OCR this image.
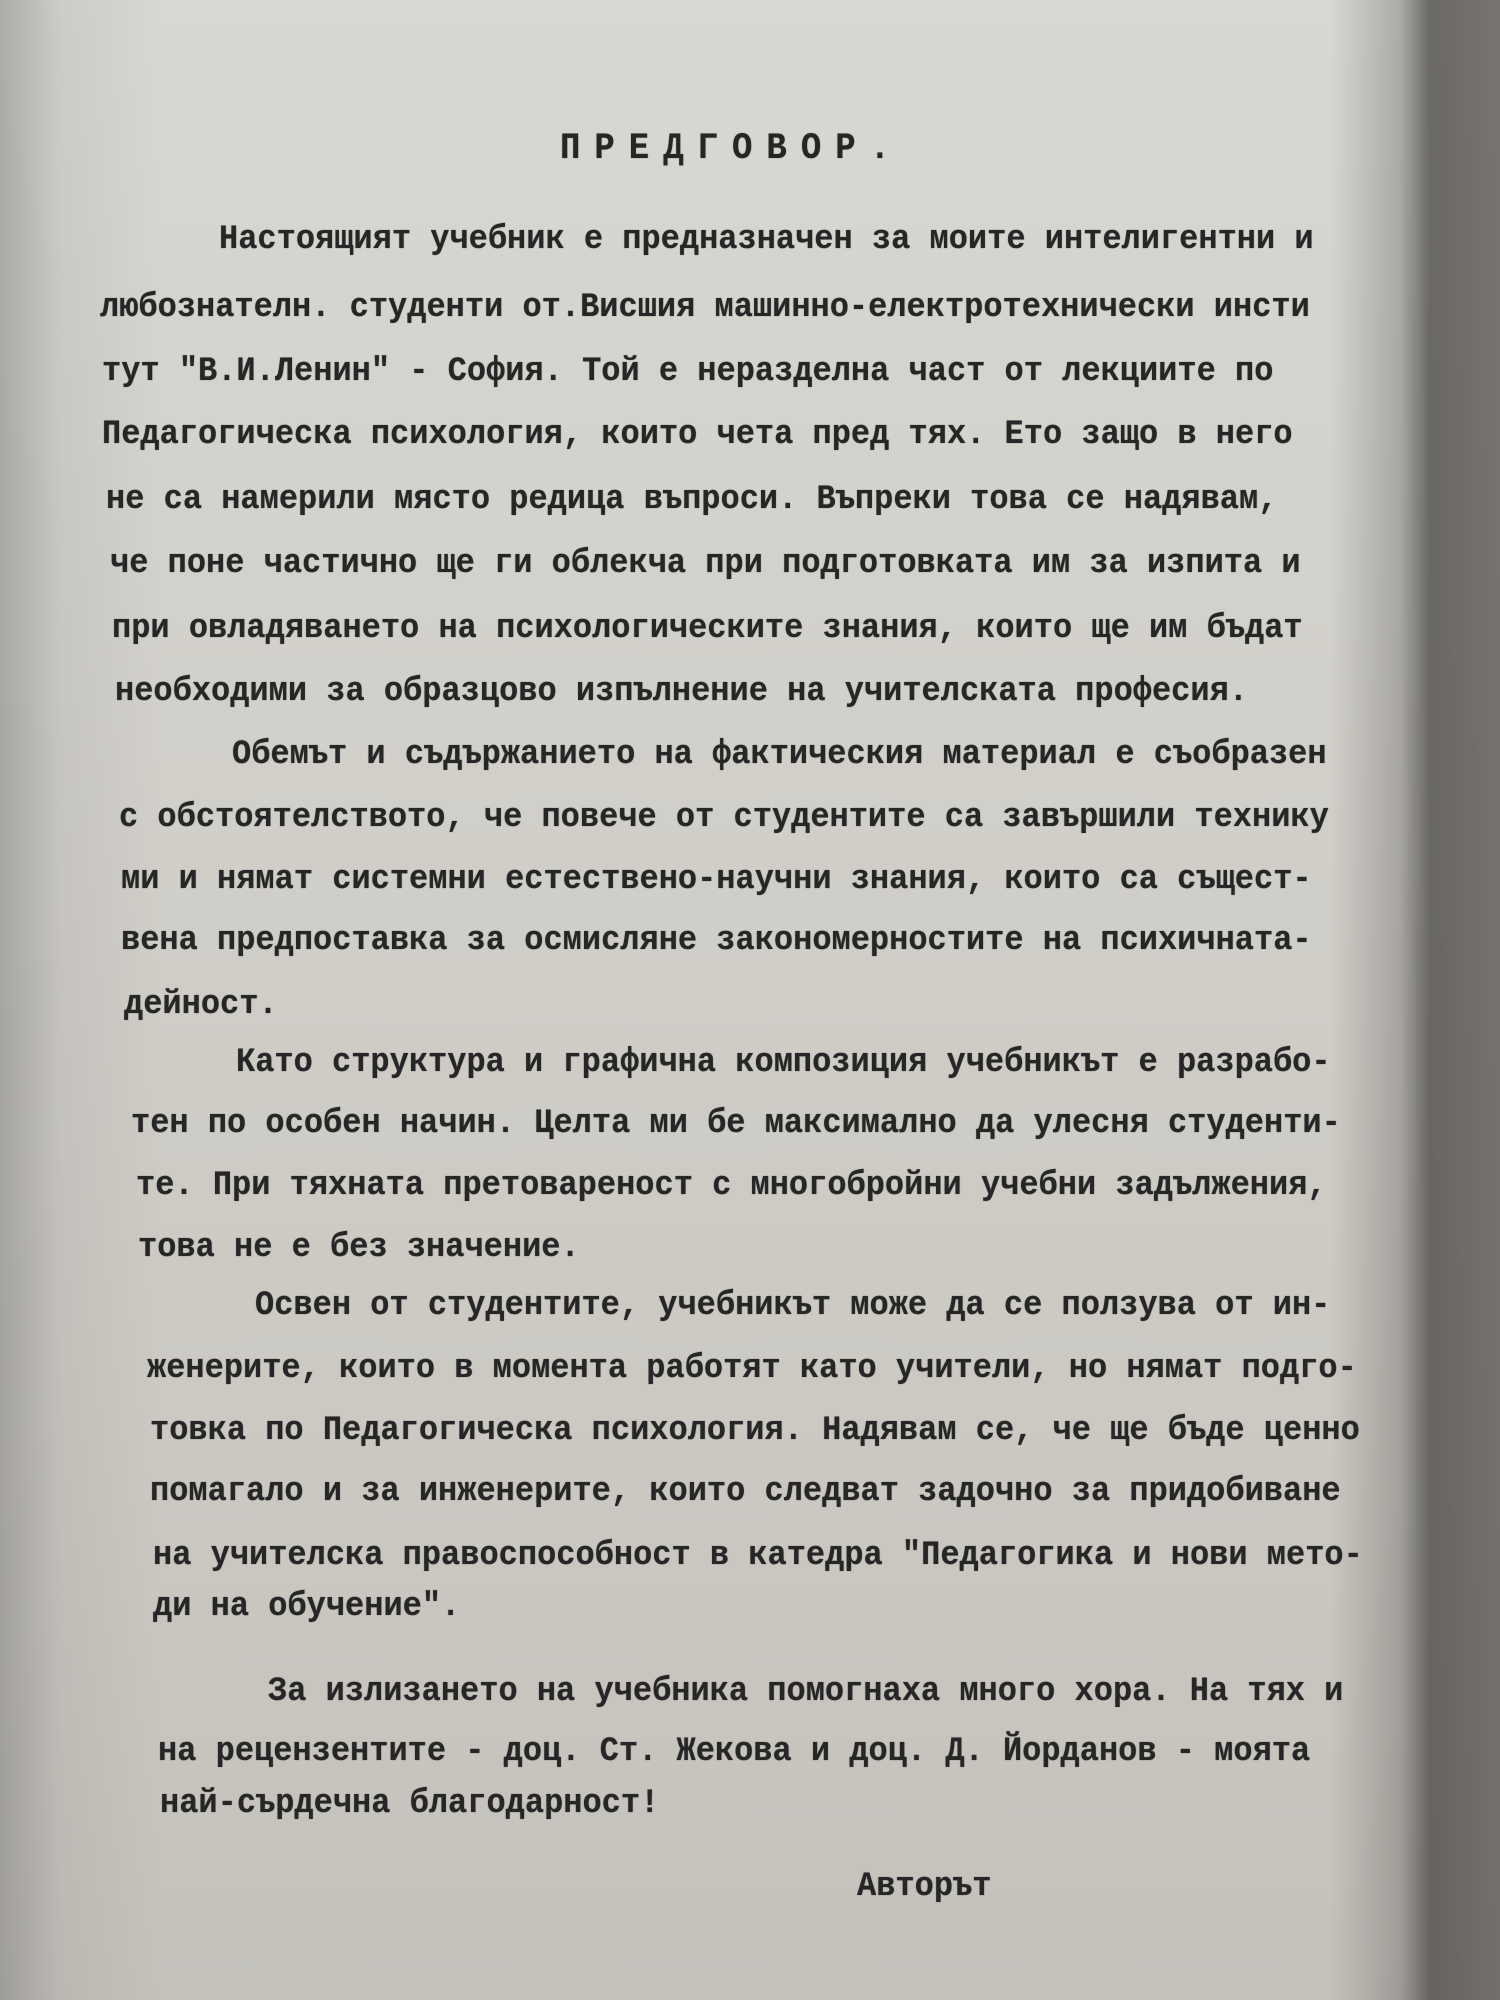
ПРЕДГОВОР.
Настоящият учебник е предназначен за моите интелигентни и
любознателн. студенти от.Висшия машинно-електротехнически инсти
тут "В.И.Ленин" - София. Той е неразделна част от лекциите по
Педагогическа психология, които чета пред тях. Ето защо в него
не са намерили място редица въпроси. Въпреки това се надявам,
че поне частично ще ги облекча при подготовката им за изпита и
при овладяването на психологическите знания, които ще им бъдат
необходими за образцово изпълнение на учителската професия.
Обемът и съдържанието на фактическия материал е съобразен
с обстоятелството, че повече от студентите са завършили технику
ми и нямат системни естествено-научни знания, които са същест-
вена предпоставка за осмисляне закономерностите на психичната-
дейност.
Като структура и графична композиция учебникът е разрабо-
тен по особен начин. Целта ми бе максимално да улесня студенти-
те. При тяхната претовареност с многобройни учебни задължения,
това не е без значение.
Освен от студентите, учебникът може да се ползува от ин-
женерите, които в момента работят като учители, но нямат подго-
товка по Педагогическа психология. Надявам се, че ще бъде ценно
помагало и за инженерите, които следват задочно за придобиване
на учителска правоспособност в катедра "Педагогика и нови мето-
ди на обучение".
За излизането на учебника помогнаха много хора. На тях и
на рецензентите - доц. Ст. Жекова и доц. Д. Йорданов - моята
най-сърдечна благодарност!
Авторът
